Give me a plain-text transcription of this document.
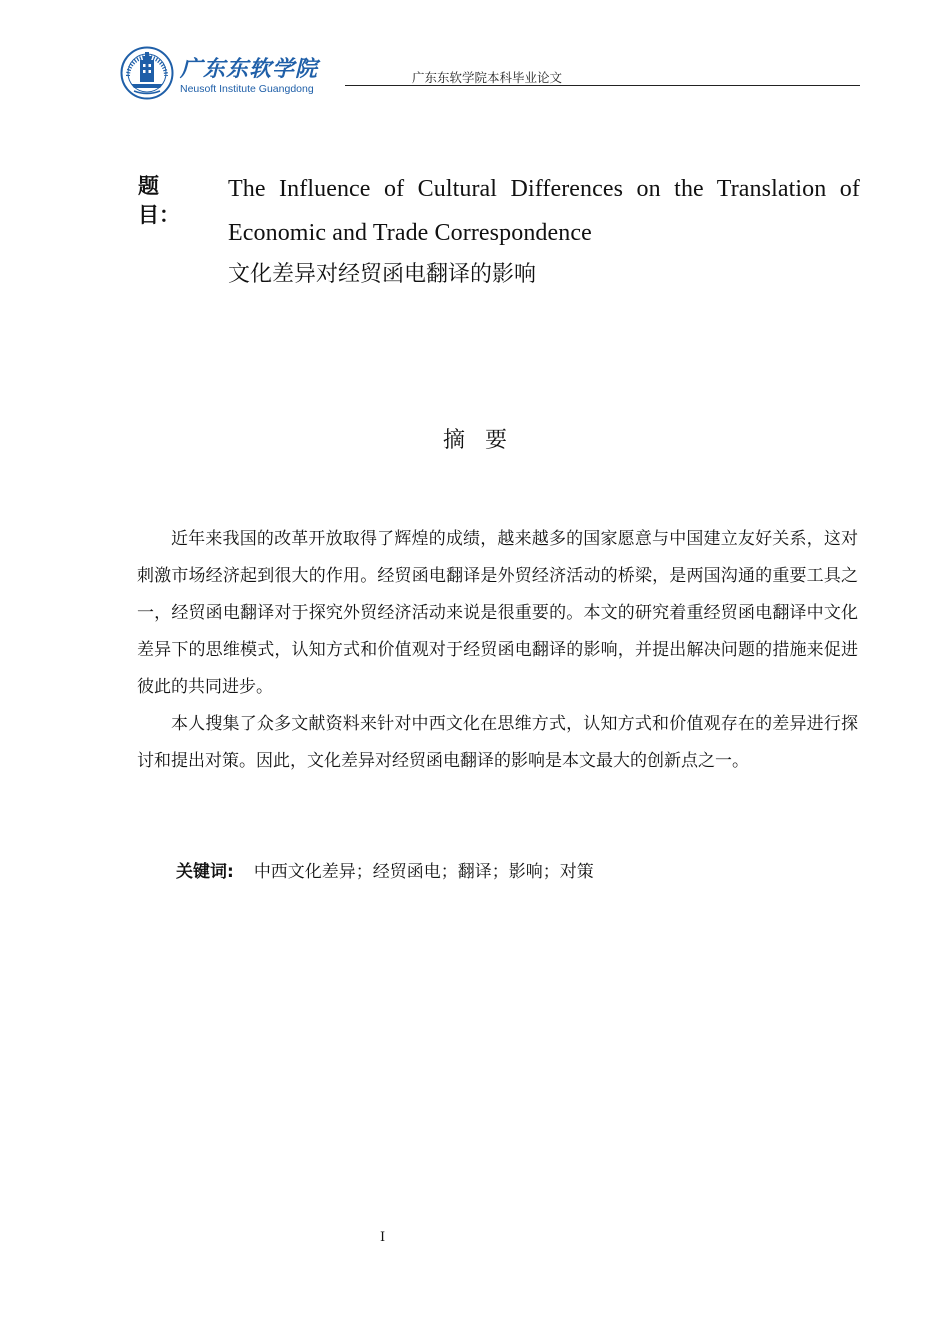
广东东软学院
Neusoft Institute Guangdong
广东东软学院本科毕业论文
题目：
The Influence of Cultural Differences on the Translation of Economic and Trade Correspondence
文化差异对经贸函电翻译的影响
摘要

近年来我国的改革开放取得了辉煌的成绩，越来越多的国家愿意与中国建立友好关系，这对刺激市场经济起到很大的作用。经贸函电翻译是外贸经济活动的桥梁，是两国沟通的重要工具之一，经贸函电翻译对于探究外贸经济活动来说是很重要的。本文的研究着重经贸函电翻译中文化差异下的思维模式，认知方式和价值观对于经贸函电翻译的影响，并提出解决问题的措施来促进彼此的共同进步。

本人搜集了众多文献资料来针对中西文化在思维方式，认知方式和价值观存在的差异进行探讨和提出对策。因此，文化差异对经贸函电翻译的影响是本文最大的创新点之一。

关键词: 中西文化差异；经贸函电；翻译；影响；对策
I
